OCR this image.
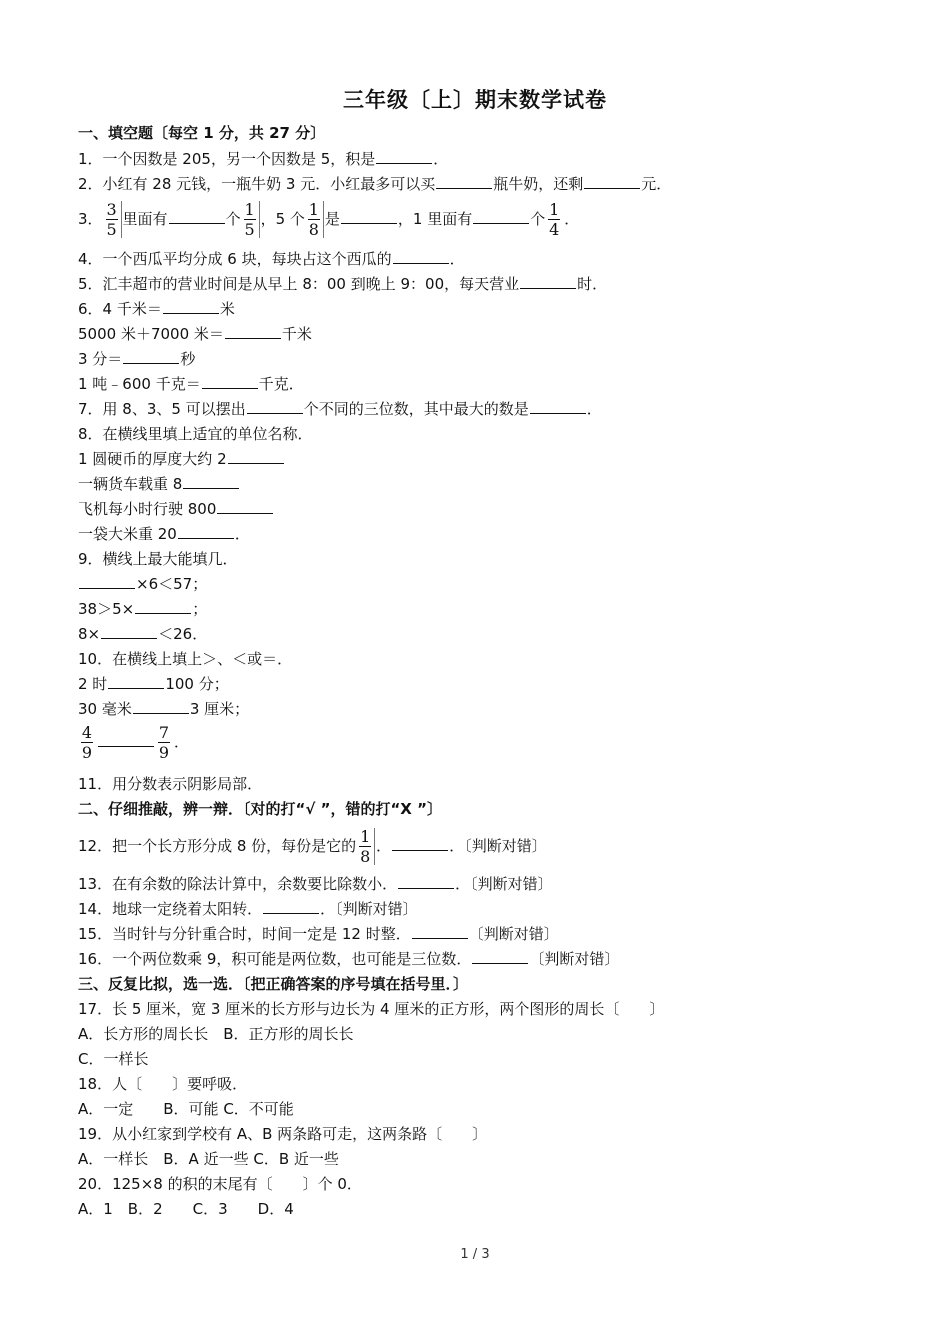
三年级〔上〕期末数学试卷
一、填空题〔每空 1 分，共 27 分〕
1．一个因数是 205，另一个因数是 5，积是	．
2．小红有 28 元钱，一瓶牛奶 3 元．小红最多可以买	瓶牛奶，还剩	元．
3． $\frac{3}{5}$ 里面有	个 $\frac{1}{5}$ ，5 个 $\frac{1}{8}$ 是	，1 里面有	个 $\frac{1}{4}$ ．
4．一个西瓜平均分成 6 块，每块占这个西瓜的	．
5．汇丰超市的营业时间是从早上 8：00 到晚上 9：00，每天营业	时．
6．4 千米＝	米
5000 米＋7000 米＝	千米
3 分＝	秒
1 吨﹣600 千克＝	千克．
7．用 8、3、5 可以摆出	个不同的三位数，其中最大的数是	．
8．在横线里填上适宜的单位名称．
1 圆硬币的厚度大约 2
一辆货车载重 8
飞机每小时行驶 800
一袋大米重 20	．
9．横线上最大能填几．
×6＜57；
38＞5×	；
8×	＜26．
10．在横线上填上＞、＜或＝．
2 时	100 分；
30 毫米	3 厘米；
$\frac{4}{9}$	$\frac{7}{9}$ ．
11．用分数表示阴影局部．
二、仔细推敲，辨一辩．〔对的打“√ ”，错的打“X ”〕
12．把一个长方形分成 8 份，每份是它的 $\frac{1}{8}$ ．	．〔判断对错〕
13．在有余数的除法计算中，余数要比除数小．	．〔判断对错〕
14．地球一定绕着太阳转．	．〔判断对错〕
15．当时针与分针重合时，时间一定是 12 时整．	〔判断对错〕
16．一个两位数乘 9，积可能是两位数，也可能是三位数．	〔判断对错〕
三、反复比拟，选一选．〔把正确答案的序号填在括号里．〕
17．长 5 厘米，宽 3 厘米的长方形与边长为 4 厘米的正方形，两个图形的周长〔　　〕
A．长方形的周长长　B．正方形的周长长
C．一样长
18．人〔　　〕要呼吸．
A．一定　　B．可能 C．不可能
19．从小红家到学校有 A、B 两条路可走，这两条路〔　　〕
A．一样长　B．A 近一些 C．B 近一些
20．125×8 的积的末尾有〔　　〕个 0．
A．1　B．2　　C．3　　D．4
1 / 3
